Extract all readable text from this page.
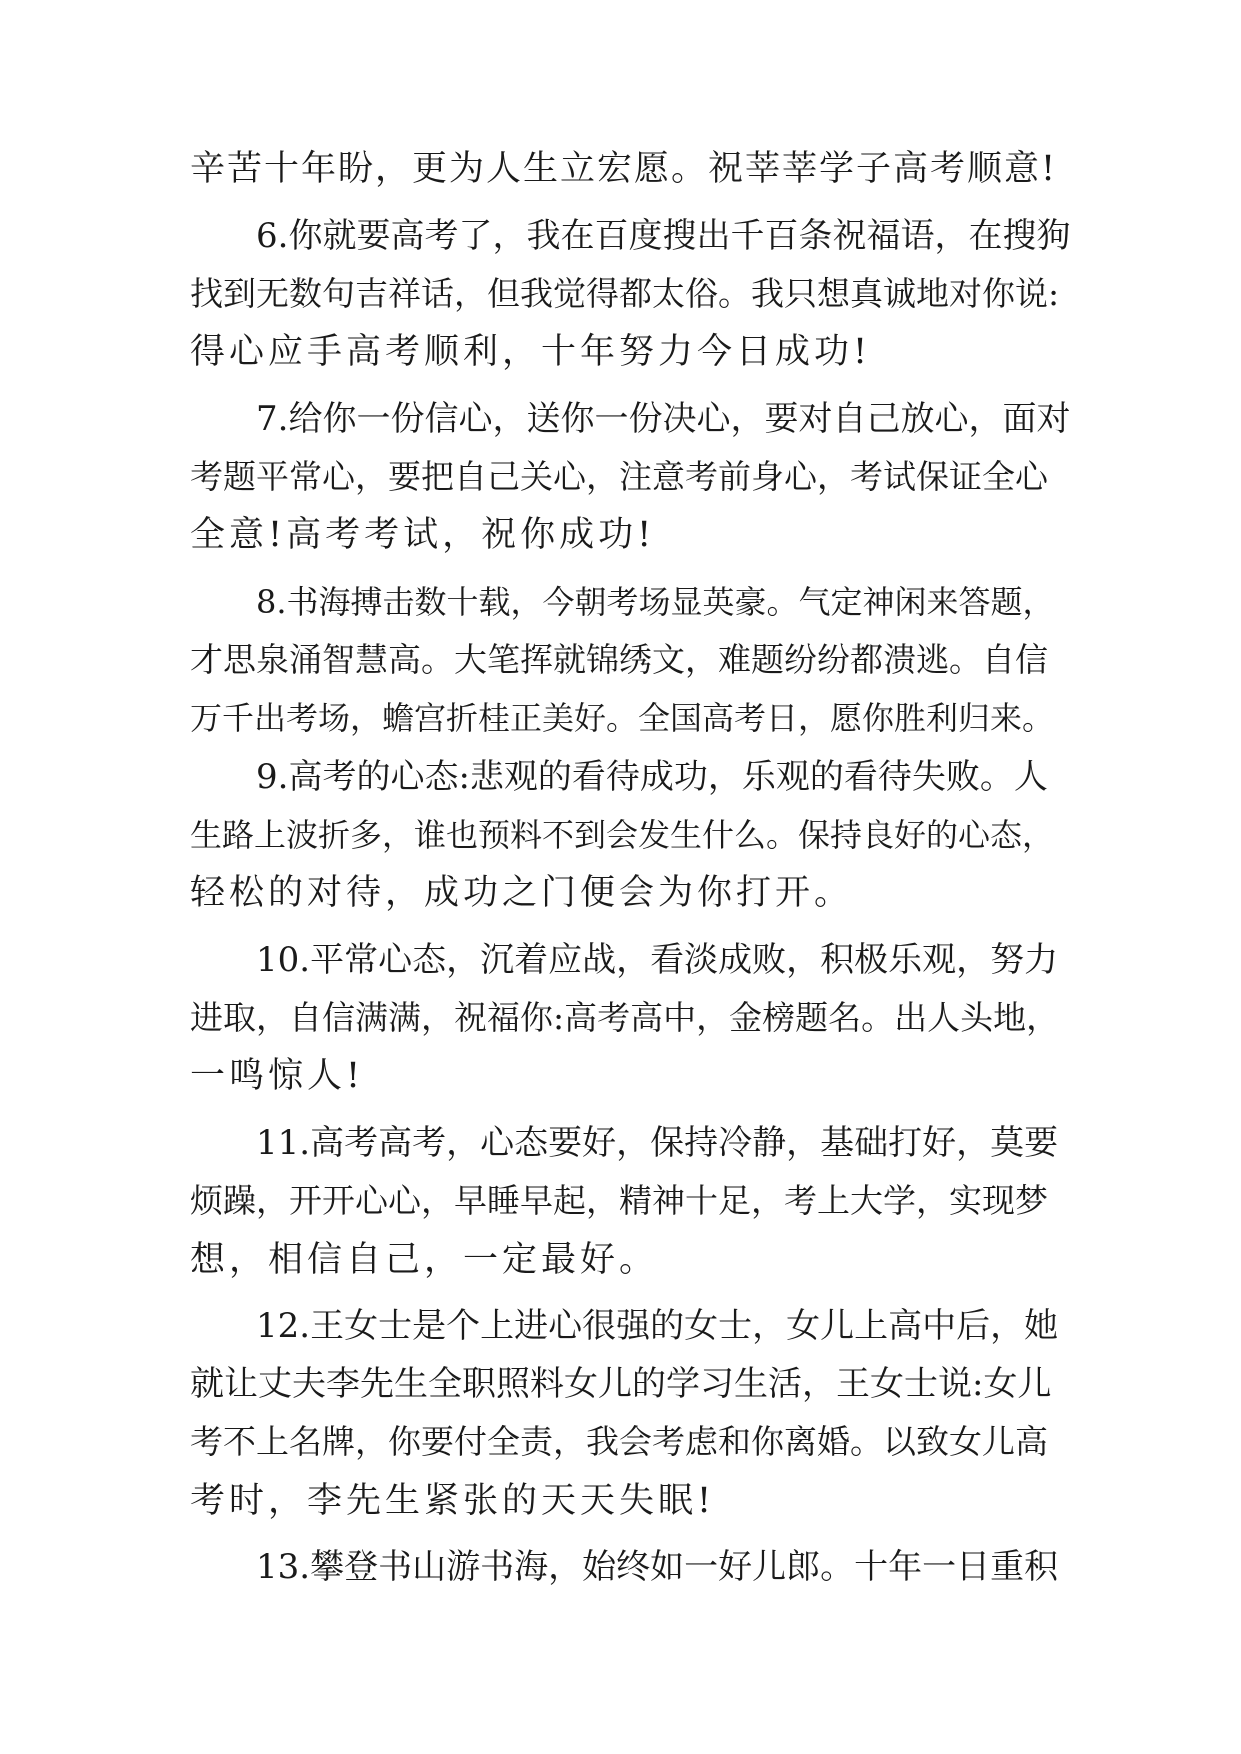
辛苦十年盼，更为人生立宏愿。祝莘莘学子高考顺意!
6.你就要高考了，我在百度搜出千百条祝福语，在搜狗
找到无数句吉祥话，但我觉得都太俗。我只想真诚地对你说:
得心应手高考顺利，十年努力今日成功!
7.给你一份信心，送你一份决心，要对自己放心，面对
考题平常心，要把自己关心，注意考前身心，考试保证全心
全意!高考考试，祝你成功!
8.书海搏击数十载，今朝考场显英豪。气定神闲来答题，
才思泉涌智慧高。大笔挥就锦绣文，难题纷纷都溃逃。自信
万千出考场，蟾宫折桂正美好。全国高考日，愿你胜利归来。
9.高考的心态:悲观的看待成功，乐观的看待失败。人
生路上波折多，谁也预料不到会发生什么。保持良好的心态，
轻松的对待，成功之门便会为你打开。
10.平常心态，沉着应战，看淡成败，积极乐观，努力
进取，自信满满，祝福你:高考高中，金榜题名。出人头地，
一鸣惊人!
11.高考高考，心态要好，保持冷静，基础打好，莫要
烦躁，开开心心，早睡早起，精神十足，考上大学，实现梦
想，相信自己，一定最好。
12.王女士是个上进心很强的女士，女儿上高中后，她
就让丈夫李先生全职照料女儿的学习生活，王女士说:女儿
考不上名牌，你要付全责，我会考虑和你离婚。以致女儿高
考时，李先生紧张的天天失眠!
13.攀登书山游书海，始终如一好儿郎。十年一日重积
